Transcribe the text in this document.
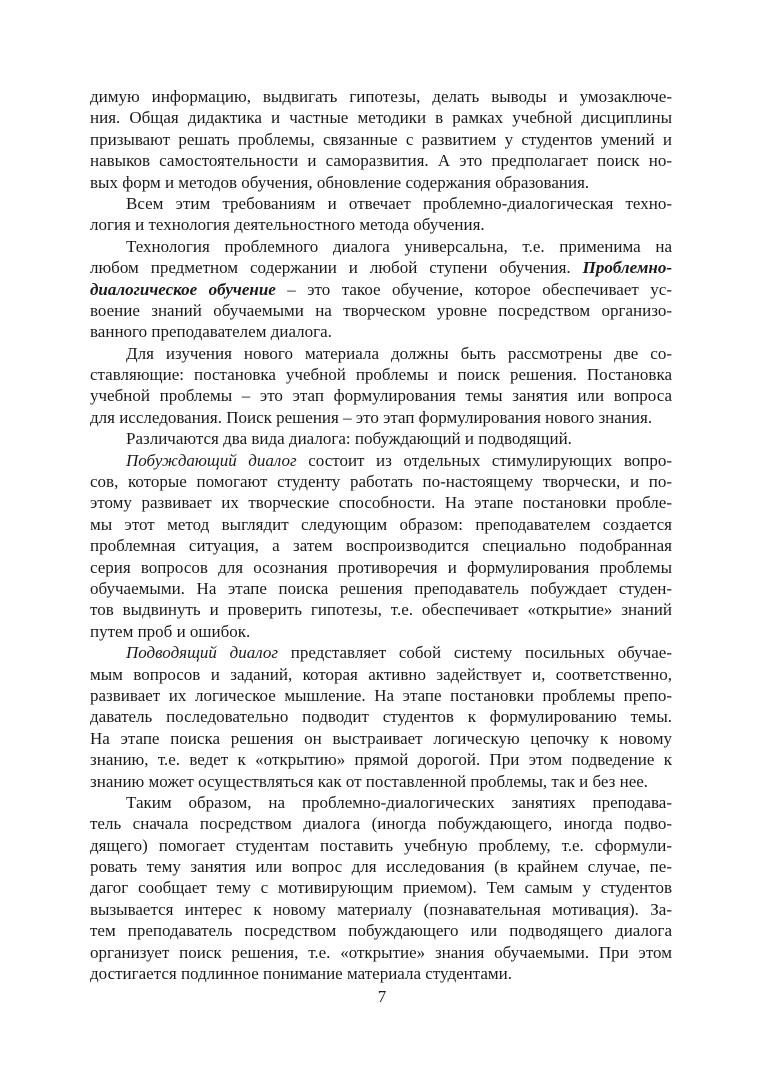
димую информацию, выдвигать гипотезы, делать выводы и умозаключе-
ния. Общая дидактика и частные методики в рамках учебной дисциплины
призывают решать проблемы, связанные с развитием у студентов умений и
навыков самостоятельности и саморазвития. А это предполагает поиск но-
вых форм и методов обучения, обновление содержания образования.
Всем этим требованиям и отвечает проблемно-диалогическая техно-
логия и технология деятельностного метода обучения.
Технология проблемного диалога универсальна, т.е. применима на
любом предметном содержании и любой ступени обучения. Проблемно-
диалогическое обучение – это такое обучение, которое обеспечивает ус-
воение знаний обучаемыми на творческом уровне посредством организо-
ванного преподавателем диалога.
Для изучения нового материала должны быть рассмотрены две со-
ставляющие: постановка учебной проблемы и поиск решения. Постановка
учебной проблемы – это этап формулирования темы занятия или вопроса
для исследования. Поиск решения – это этап формулирования нового знания.
Различаются два вида диалога: побуждающий и подводящий.
Побуждающий диалог состоит из отдельных стимулирующих вопро-
сов, которые помогают студенту работать по-настоящему творчески, и по-
этому развивает их творческие способности. На этапе постановки пробле-
мы этот метод выглядит следующим образом: преподавателем создается
проблемная ситуация, а затем воспроизводится специально подобранная
серия вопросов для осознания противоречия и формулирования проблемы
обучаемыми. На этапе поиска решения преподаватель побуждает студен-
тов выдвинуть и проверить гипотезы, т.е. обеспечивает «открытие» знаний
путем проб и ошибок.
Подводящий диалог представляет собой систему посильных обучае-
мым вопросов и заданий, которая активно задействует и, соответственно,
развивает их логическое мышление. На этапе постановки проблемы препо-
даватель последовательно подводит студентов к формулированию темы.
На этапе поиска решения он выстраивает логическую цепочку к новому
знанию, т.е. ведет к «открытию» прямой дорогой. При этом подведение к
знанию может осуществляться как от поставленной проблемы, так и без нее.
Таким образом, на проблемно-диалогических занятиях преподава-
тель сначала посредством диалога (иногда побуждающего, иногда подво-
дящего) помогает студентам поставить учебную проблему, т.е. сформули-
ровать тему занятия или вопрос для исследования (в крайнем случае, пе-
дагог сообщает тему с мотивирующим приемом). Тем самым у студентов
вызывается интерес к новому материалу (познавательная мотивация). За-
тем преподаватель посредством побуждающего или подводящего диалога
организует поиск решения, т.е. «открытие» знания обучаемыми. При этом
достигается подлинное понимание материала студентами.
7
